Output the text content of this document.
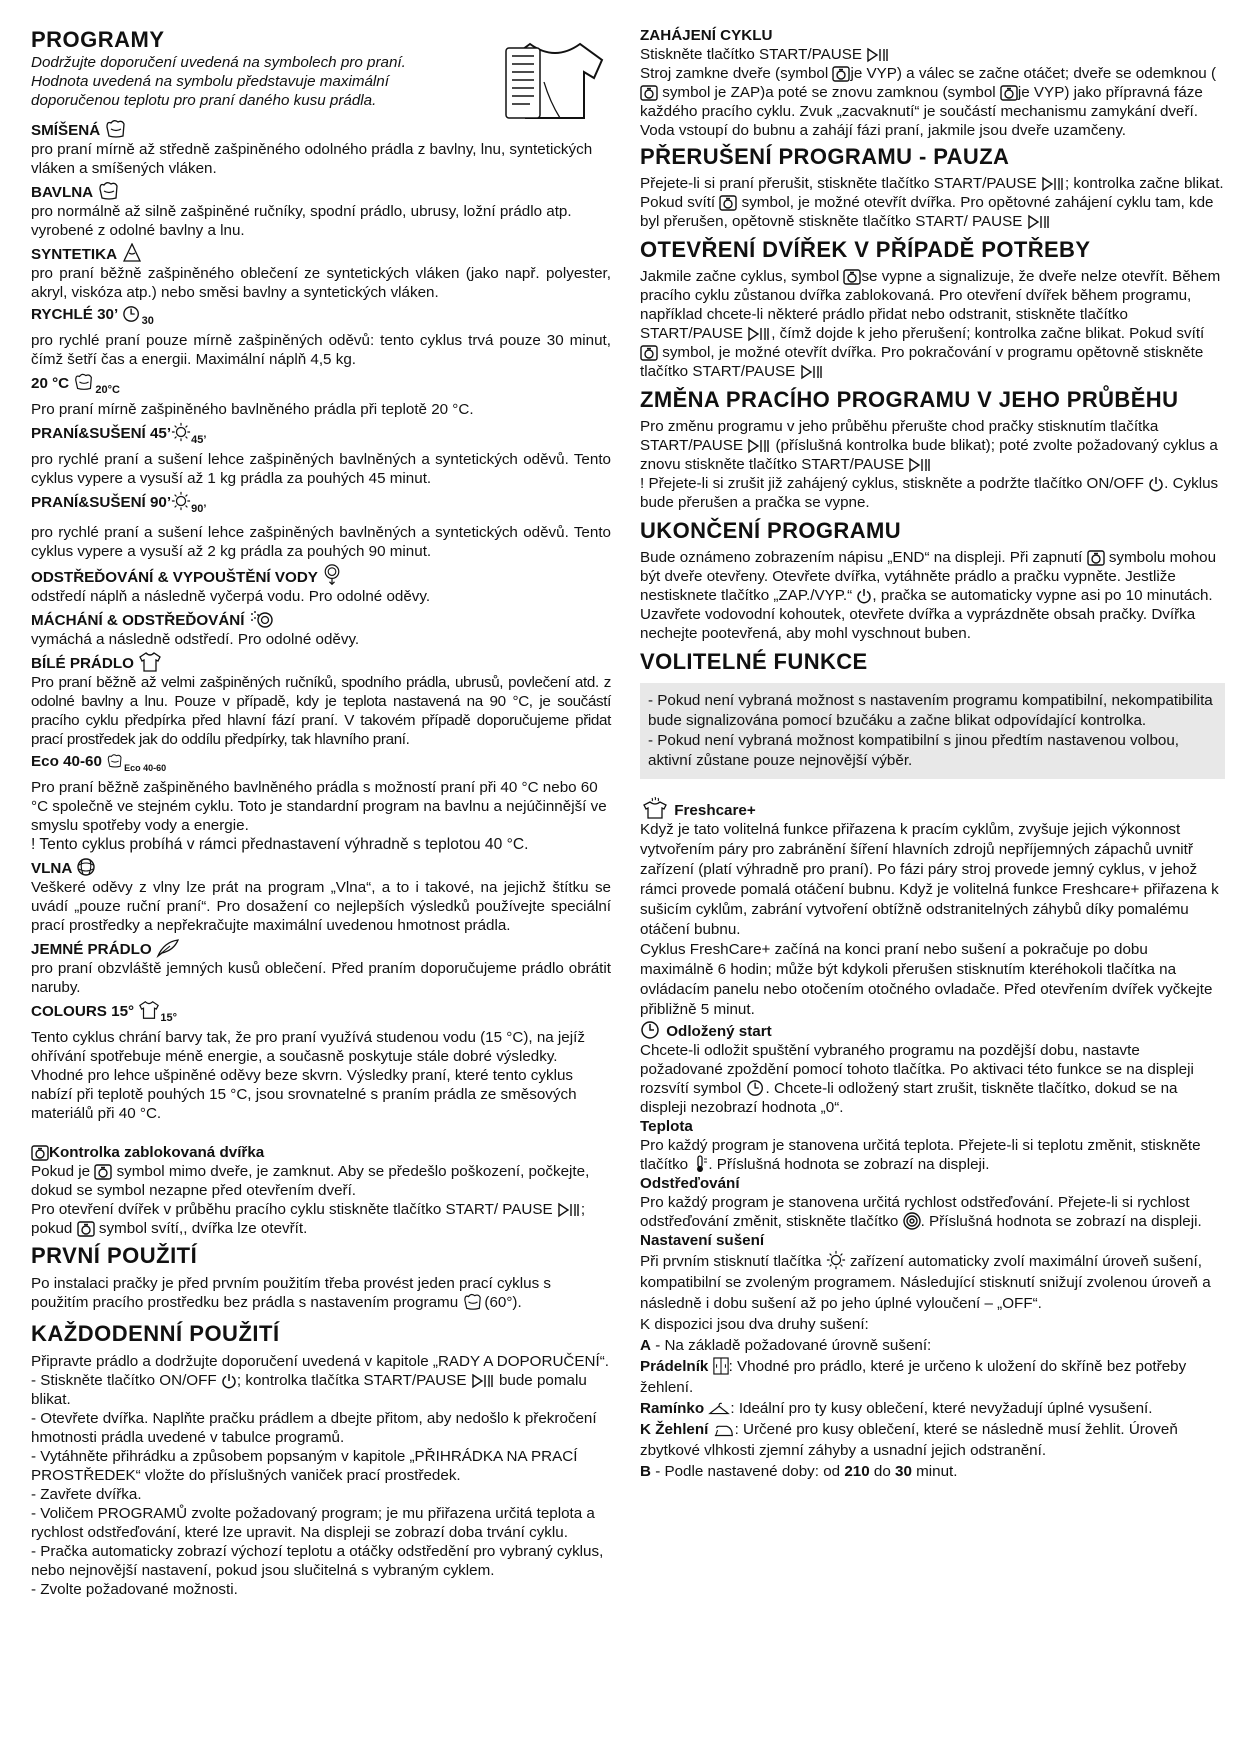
PROGRAMY

Dodržujte doporučení uvedená na symbolech pro praní. Hodnota uvedená na symbolu představuje maximální doporučenou teplotu pro praní daného kusu prádla.

SMÍŠENÁ

pro praní mírně až středně zašpiněného odolného prádla z bavlny, lnu, syntetických vláken a smíšených vláken.

BAVLNA

pro normálně až silně zašpiněné ručníky, spodní prádlo, ubrusy, ložní prádlo atp. vyrobené z odolné bavlny a lnu.

SYNTETIKA

pro praní běžně zašpiněného oblečení ze syntetických vláken (jako např. polyester, akryl, viskóza atp.) nebo směsi bavlny a syntetických vláken.

RYCHLÉ 30’ $_{30}$

pro rychlé praní pouze mírně zašpiněných oděvů: tento cyklus trvá pouze 30 minut, čímž šetří čas a energii. Maximální náplň 4,5 kg.

20 °C $_{20^\circ C}$

Pro praní mírně zašpiněného bavlněného prádla při teplotě 20 °C.

PRANÍ&SUŠENÍ 45’ $_{45’}$

pro rychlé praní a sušení lehce zašpiněných bavlněných a syntetických oděvů. Tento cyklus vypere a vysuší až 1 kg prádla za pouhých 45 minut.

PRANÍ&SUŠENÍ 90’ $_{90’}$

pro rychlé praní a sušení lehce zašpiněných bavlněných a syntetických oděvů. Tento cyklus vypere a vysuší až 2 kg prádla za pouhých 90 minut.

ODSTŘEĎOVÁNÍ & VYPOUŠTĚNÍ VODY

odstředí náplň a následně vyčerpá vodu. Pro odolné oděvy.

MÁCHÁNÍ & ODSTŘEĎOVÁNÍ

vymáchá a následně odstředí. Pro odolné oděvy.

BÍLÉ PRÁDLO

Pro praní běžně až velmi zašpiněných ručníků, spodního prádla, ubrusů, povlečení atd. z odolné bavlny a lnu. Pouze v případě, kdy je teplota nastavená na 90 °C, je součástí pracího cyklu předpírka před hlavní fází praní. V takovém případě doporučujeme přidat prací prostředek jak do oddílu předpírky, tak hlavního praní.

Eco 40-60 $_{Eco 40-60}$

Pro praní běžně zašpiněného bavlněného prádla s možností praní při 40 °C nebo 60 °C společně ve stejném cyklu. Toto je standardní program na bavlnu a nejúčinnější ve smyslu spotřeby vody a energie.

! Tento cyklus probíhá v rámci přednastavení výhradně s teplotou 40 °C.

VLNA

Veškeré oděvy z vlny lze prát na program „Vlna“, a to i takové, na jejichž štítku se uvádí „pouze ruční praní“. Pro dosažení co nejlepších výsledků používejte speciální prací prostředky a nepřekračujte maximální uvedenou hmotnost prádla.

JEMNÉ PRÁDLO

pro praní obzvláště jemných kusů oblečení. Před praním doporučujeme prádlo obrátit naruby.

COLOURS 15° $_{15^\circ}$

Tento cyklus chrání barvy tak, že pro praní využívá studenou vodu (15 °C), na jejíž ohřívání spotřebuje méně energie, a současně poskytuje stále dobré výsledky. Vhodné pro lehce ušpiněné oděvy beze skvrn. Výsledky praní, které tento cyklus nabízí při teplotě pouhých 15 °C, jsou srovnatelné s praním prádla ze směsových materiálů při 40 °C.

Kontrolka zablokovaná dvířka

Pokud je symbol mimo dveře, je zamknut. Aby se předešlo poškození, počkejte, dokud se symbol nezapne před otevřením dveří.

Pro otevření dvířek v průběhu pracího cyklu stiskněte tlačítko START/ PAUSE ; pokud symbol svítí,, dvířka lze otevřít.

PRVNÍ POUŽITÍ

Po instalaci pračky je před prvním použitím třeba provést jeden prací cyklus s použitím pracího prostředku bez prádla s nastavením programu (60°).

KAŽDODENNÍ POUŽITÍ

Připravte prádlo a dodržujte doporučení uvedená v kapitole „RADY A DOPORUČENÍ“.

- Stiskněte tlačítko ON/OFF ; kontrolka tlačítka START/PAUSE bude pomalu blikat.

- Otevřete dvířka. Naplňte pračku prádlem a dbejte přitom, aby nedošlo k překročení hmotnosti prádla uvedené v tabulce programů.

- Vytáhněte přihrádku a způsobem popsaným v kapitole „PŘIHRÁDKA NA PRACÍ PROSTŘEDEK“ vložte do příslušných vaniček prací prostředek.

- Zavřete dvířka.

- Voličem PROGRAMŮ zvolte požadovaný program; je mu přiřazena určitá teplota a rychlost odstřeďování, které lze upravit. Na displeji se zobrazí doba trvání cyklu.

- Pračka automaticky zobrazí výchozí teplotu a otáčky odstředění pro vybraný cyklus, nebo nejnovější nastavení, pokud jsou slučitelná s vybraným cyklem.

- Zvolte požadované možnosti.

ZAHÁJENÍ CYKLU

Stiskněte tlačítko START/PAUSE

Stroj zamkne dveře (symbol je VYP) a válec se začne otáčet; dveře se odemknou (
symbol je ZAP)a poté se znovu zamknou (symbol je VYP) jako přípravná fáze každého pracího cyklu. Zvuk „zacvaknutí“ je součástí mechanismu zamykání dveří. Voda vstoupí do bubnu a zahájí fázi praní, jakmile jsou dveře uzamčeny.

PŘERUŠENÍ PROGRAMU - PAUZA

Přejete-li si praní přerušit, stiskněte tlačítko START/PAUSE ; kontrolka začne blikat. Pokud svítí symbol, je možné otevřít dvířka. Pro opětovné zahájení cyklu tam, kde byl přerušen, opětovně stiskněte tlačítko START/ PAUSE

OTEVŘENÍ DVÍŘEK V PŘÍPADĚ POTŘEBY

Jakmile začne cyklus, symbol se vypne a signalizuje, že dveře nelze otevřít. Během pracího cyklu zůstanou dvířka zablokovaná. Pro otevření dvířek během programu, například chcete-li některé prádlo přidat nebo odstranit, stiskněte tlačítko START/PAUSE , čímž dojde k jeho přerušení; kontrolka začne blikat. Pokud svítí
symbol, je možné otevřít dvířka. Pro pokračování v programu opětovně stiskněte tlačítko START/PAUSE

ZMĚNA PRACÍHO PROGRAMU V JEHO PRŮBĚHU

Pro změnu programu v jeho průběhu přerušte chod pračky stisknutím tlačítka START/PAUSE (příslušná kontrolka bude blikat); poté zvolte požadovaný cyklus a znovu stiskněte tlačítko START/PAUSE

! Přejete-li si zrušit již zahájený cyklus, stiskněte a podržte tlačítko ON/OFF . Cyklus bude přerušen a pračka se vypne.

UKONČENÍ PROGRAMU

Bude oznámeno zobrazením nápisu „END“ na displeji. Při zapnutí symbolu mohou být dveře otevřeny. Otevřete dvířka, vytáhněte prádlo a pračku vypněte. Jestliže nestisknete tlačítko „ZAP./VYP.“ , pračka se automaticky vypne asi po 10 minutách. Uzavřete vodovodní kohoutek, otevřete dvířka a vyprázdněte obsah pračky. Dvířka nechejte pootevřená, aby mohl vyschnout buben.

VOLITELNÉ FUNKCE

- Pokud není vybraná možnost s nastavením programu kompatibilní, nekompatibilita bude signalizována pomocí bzučáku a začne blikat odpovídající kontrolka.

- Pokud není vybraná možnost kompatibilní s jinou předtím nastavenou volbou, aktivní zůstane pouze nejnovější výběr.

Freshcare+

Když je tato volitelná funkce přiřazena k pracím cyklům, zvyšuje jejich výkonnost vytvořením páry pro zabránění šíření hlavních zdrojů nepříjemných zápachů uvnitř zařízení (platí výhradně pro praní). Po fázi páry stroj provede jemný cyklus, v jehož rámci provede pomalá otáčení bubnu. Když je volitelná funkce Freshcare+ přiřazena k sušicím cyklům, zabrání vytvoření obtížně odstranitelných záhybů díky pomalému otáčení bubnu.

Cyklus FreshCare+ začíná na konci praní nebo sušení a pokračuje po dobu maximálně 6 hodin; může být kdykoli přerušen stisknutím kteréhokoli tlačítka na ovládacím panelu nebo otočením otočného ovladače. Před otevřením dvířek vyčkejte přibližně 5 minut.

Odložený start

Chcete-li odložit spuštění vybraného programu na pozdější dobu, nastavte požadované zpoždění pomocí tohoto tlačítka. Po aktivaci této funkce se na displeji rozsvítí symbol . Chcete-li odložený start zrušit, tiskněte tlačítko, dokud se na displeji nezobrazí hodnota „0“.

Teplota

Pro každý program je stanovena určitá teplota. Přejete-li si teplotu změnit, stiskněte tlačítko . Příslušná hodnota se zobrazí na displeji.

Odstřeďování

Pro každý program je stanovena určitá rychlost odstřeďování. Přejete-li si rychlost odstřeďování změnit, stiskněte tlačítko . Příslušná hodnota se zobrazí na displeji.

Nastavení sušení

Při prvním stisknutí tlačítka zařízení automaticky zvolí maximální úroveň sušení, kompatibilní se zvoleným programem. Následující stisknutí snižují zvolenou úroveň a následně i dobu sušení až po jeho úplné vyloučení – „OFF“.

K dispozici jsou dva druhy sušení:

A - Na základě požadované úrovně sušení:

Prádelník : Vhodné pro prádlo, které je určeno k uložení do skříně bez potřeby žehlení.

Ramínko : Ideální pro ty kusy oblečení, které nevyžadují úplné vysušení.

K Žehlení : Určené pro kusy oblečení, které se následně musí žehlit. Úroveň zbytkové vlhkosti zjemní záhyby a usnadní jejich odstranění.

B - Podle nastavené doby: od 210 do 30 minut.
